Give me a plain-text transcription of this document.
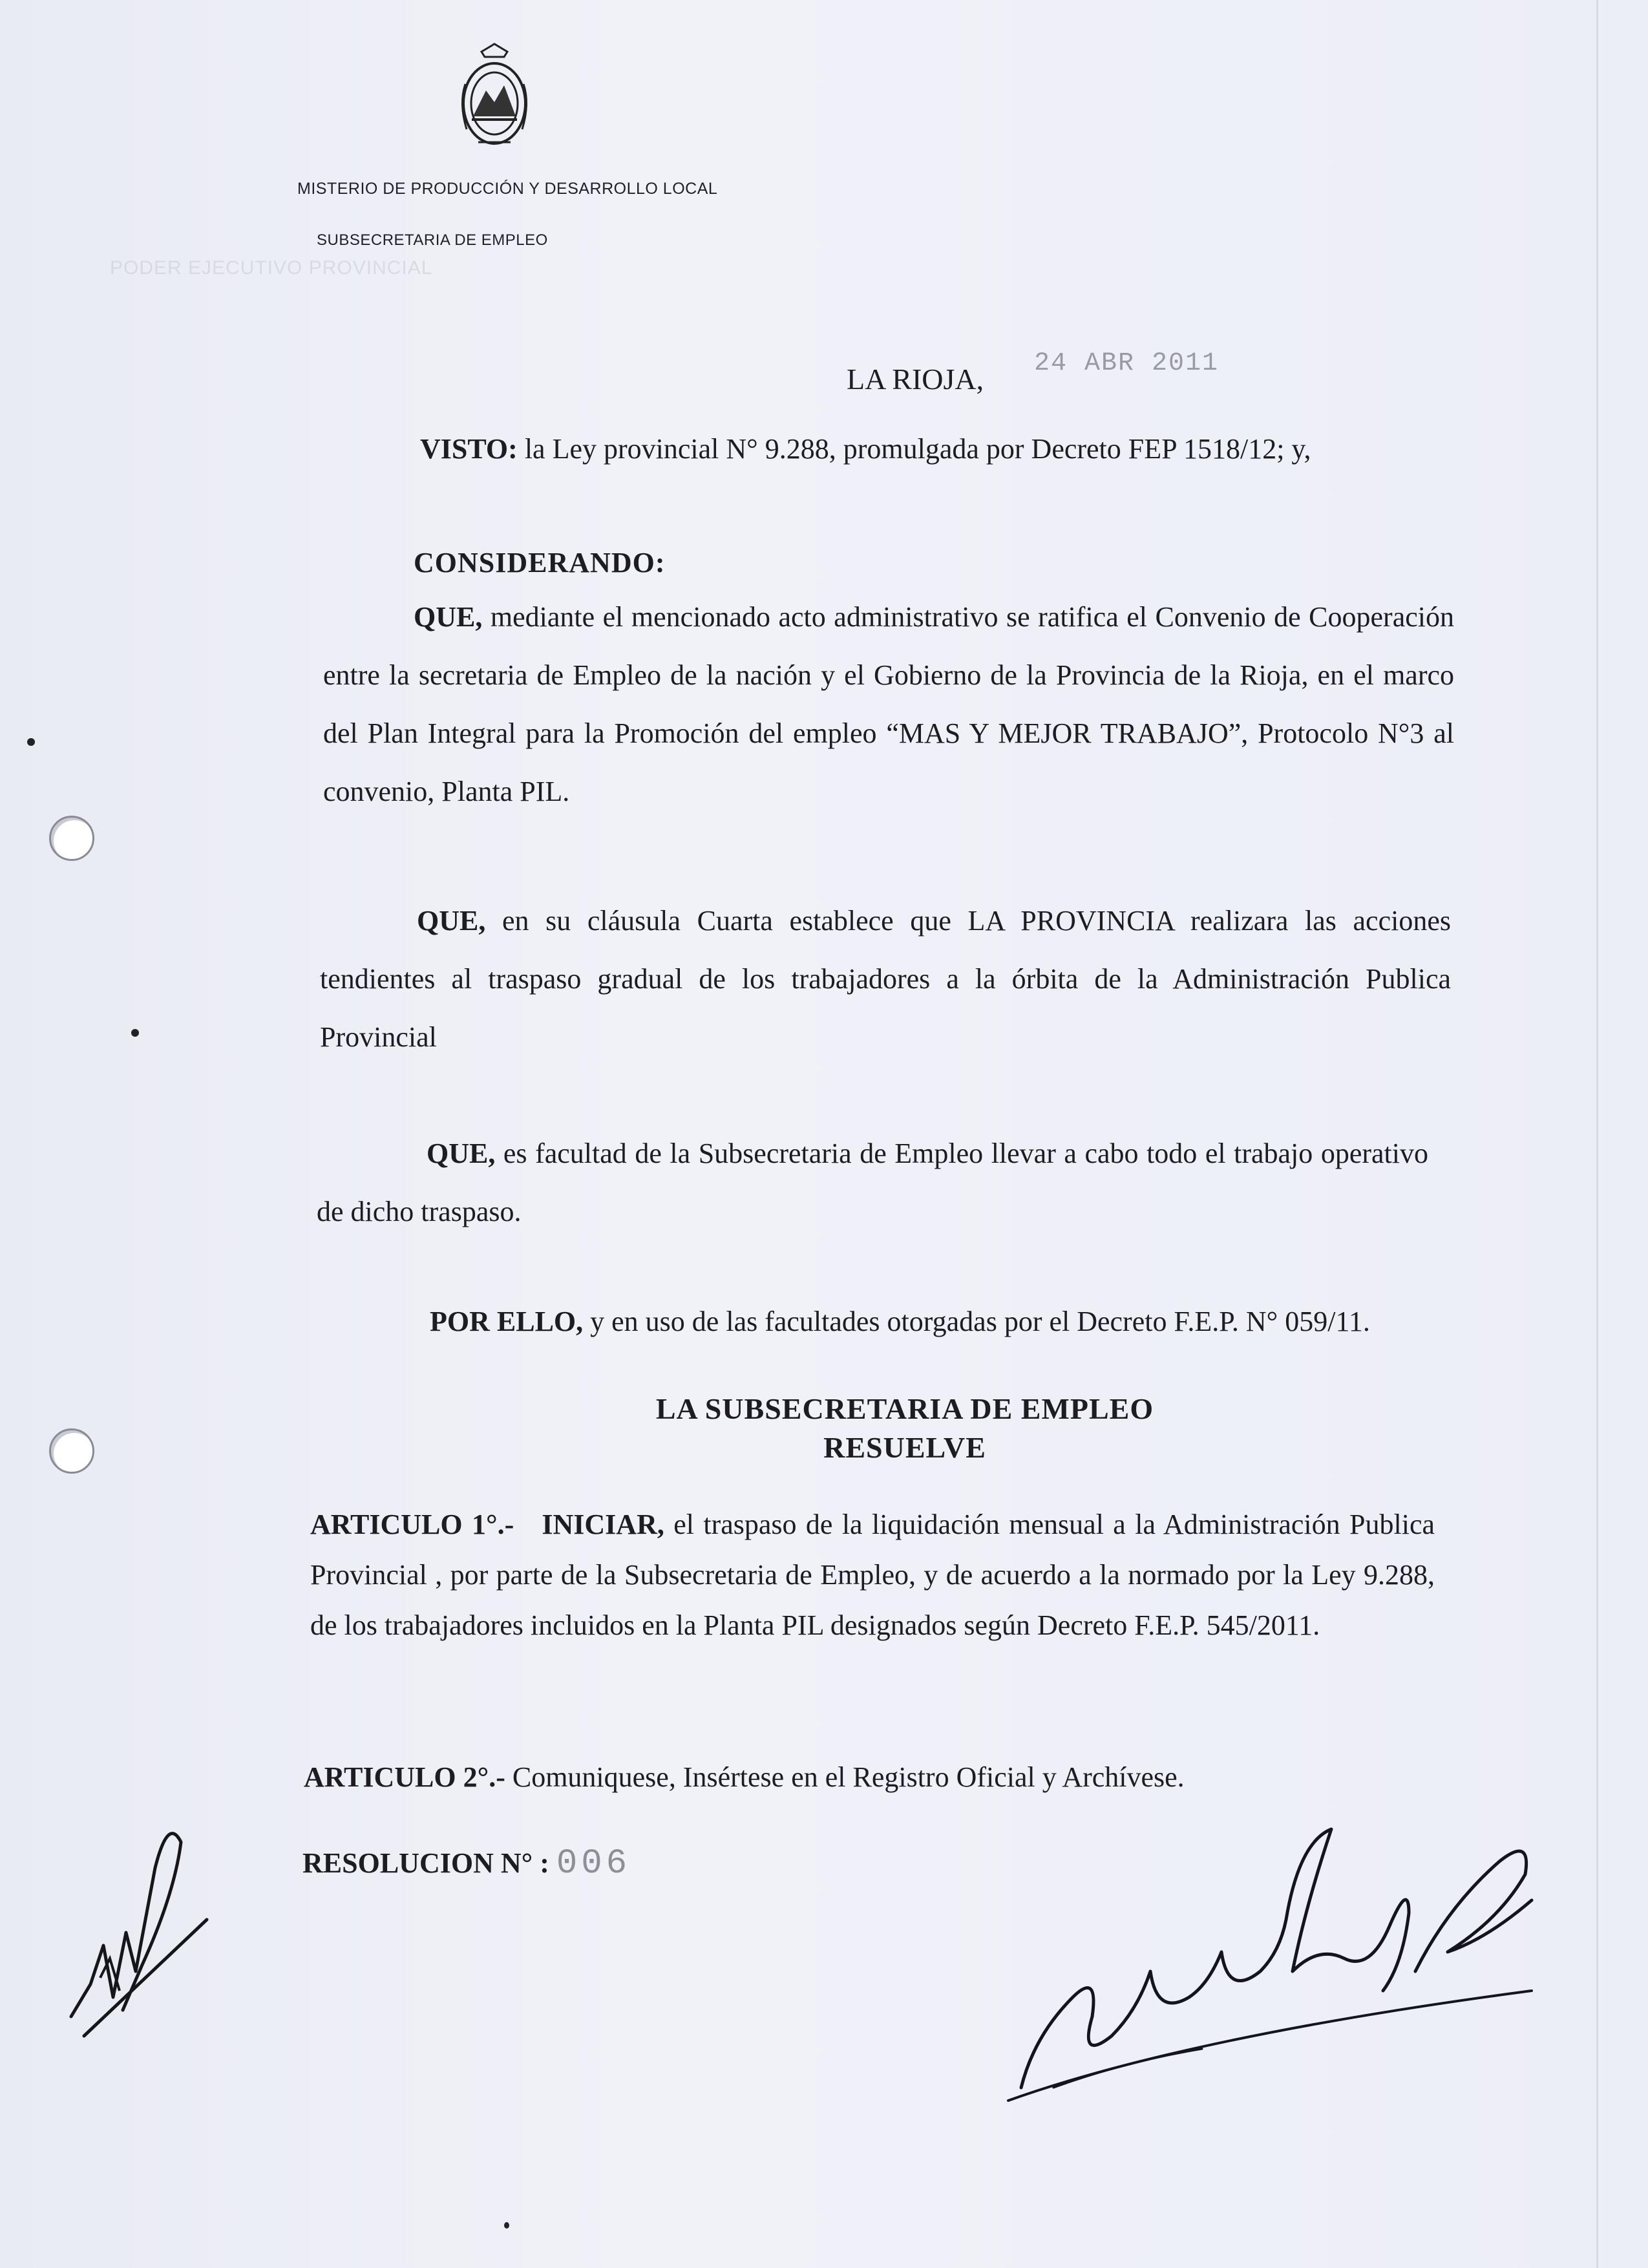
PODER EJECUTIVO PROVINCIAL
MISTERIO DE PRODUCCIÓN Y DESARROLLO LOCAL
SUBSECRETARIA DE EMPLEO
LA RIOJA, 24 ABR 2011
VISTO: la Ley provincial N° 9.288, promulgada por Decreto FEP 1518/12; y,
CONSIDERANDO:
QUE, mediante el mencionado acto administrativo se ratifica el Convenio de Cooperación entre la secretaria de Empleo de la nación y el Gobierno de la Provincia de la Rioja, en el marco del Plan Integral para la Promoción del empleo “MAS Y MEJOR TRABAJO”, Protocolo N°3 al convenio, Planta PIL.
QUE, en su cláusula Cuarta establece que LA PROVINCIA realizara las acciones tendientes al traspaso gradual de los trabajadores a la órbita de la Administración Publica Provincial
QUE, es facultad de la Subsecretaria de Empleo llevar a cabo todo el trabajo operativo de dicho traspaso.
POR ELLO, y en uso de las facultades otorgadas por el Decreto F.E.P. N° 059/11.
LA SUBSECRETARIA DE EMPLEO
RESUELVE
ARTICULO 1°.- INICIAR, el traspaso de la liquidación mensual a la Administración Publica Provincial , por parte de la Subsecretaria de Empleo, y de acuerdo a la normado por la Ley 9.288, de los trabajadores incluidos en la Planta PIL designados según Decreto F.E.P. 545/2011.
ARTICULO 2°.- Comuniquese, Insértese en el Registro Oficial y Archívese.
RESOLUCION N° : 006
